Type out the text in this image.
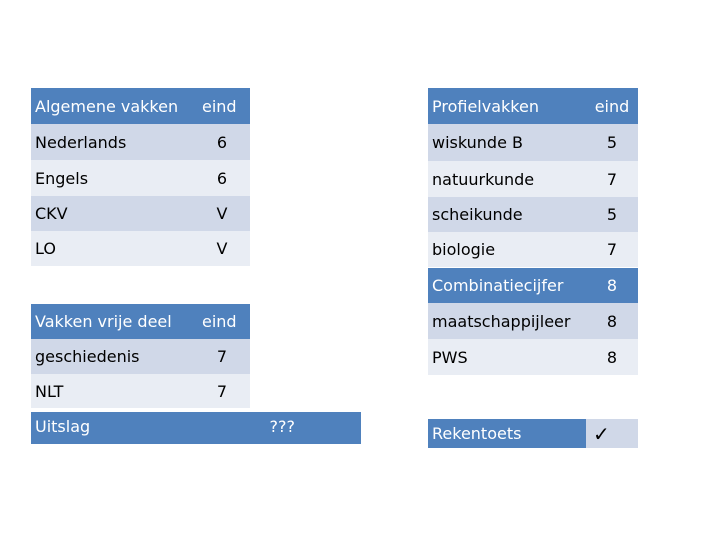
Algemene vakken	eind
Nederlands	6
Engels	6
CKV	V
LO	V
Vakken vrije deel	eind
geschiedenis	7
NLT	7
Uitslag	???
Profielvakken	eind
wiskunde B	5
natuurkunde	7
scheikunde	5
biologie	7
Combinatiecijfer	8
maatschappijleer	8
PWS	8
Rekentoets	✓
